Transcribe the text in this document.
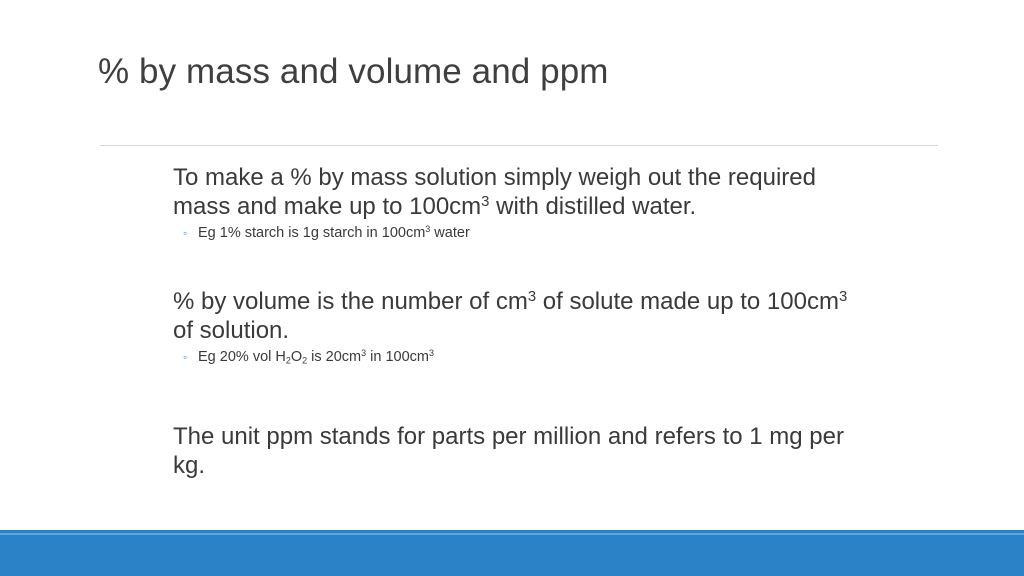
% by mass and volume and ppm
To make a % by mass solution simply weigh out the required mass and make up to $100cm^3$ with distilled water.
◦ Eg 1% starch is 1g starch in $100cm^3$ water
% by volume is the number of $cm^3$ of solute made up to $100cm^3$ of solution.
◦ Eg 20% vol $H_2O_2$ is $20cm^3$ in $100cm^3$
The unit ppm stands for parts per million and refers to 1 mg per kg.
